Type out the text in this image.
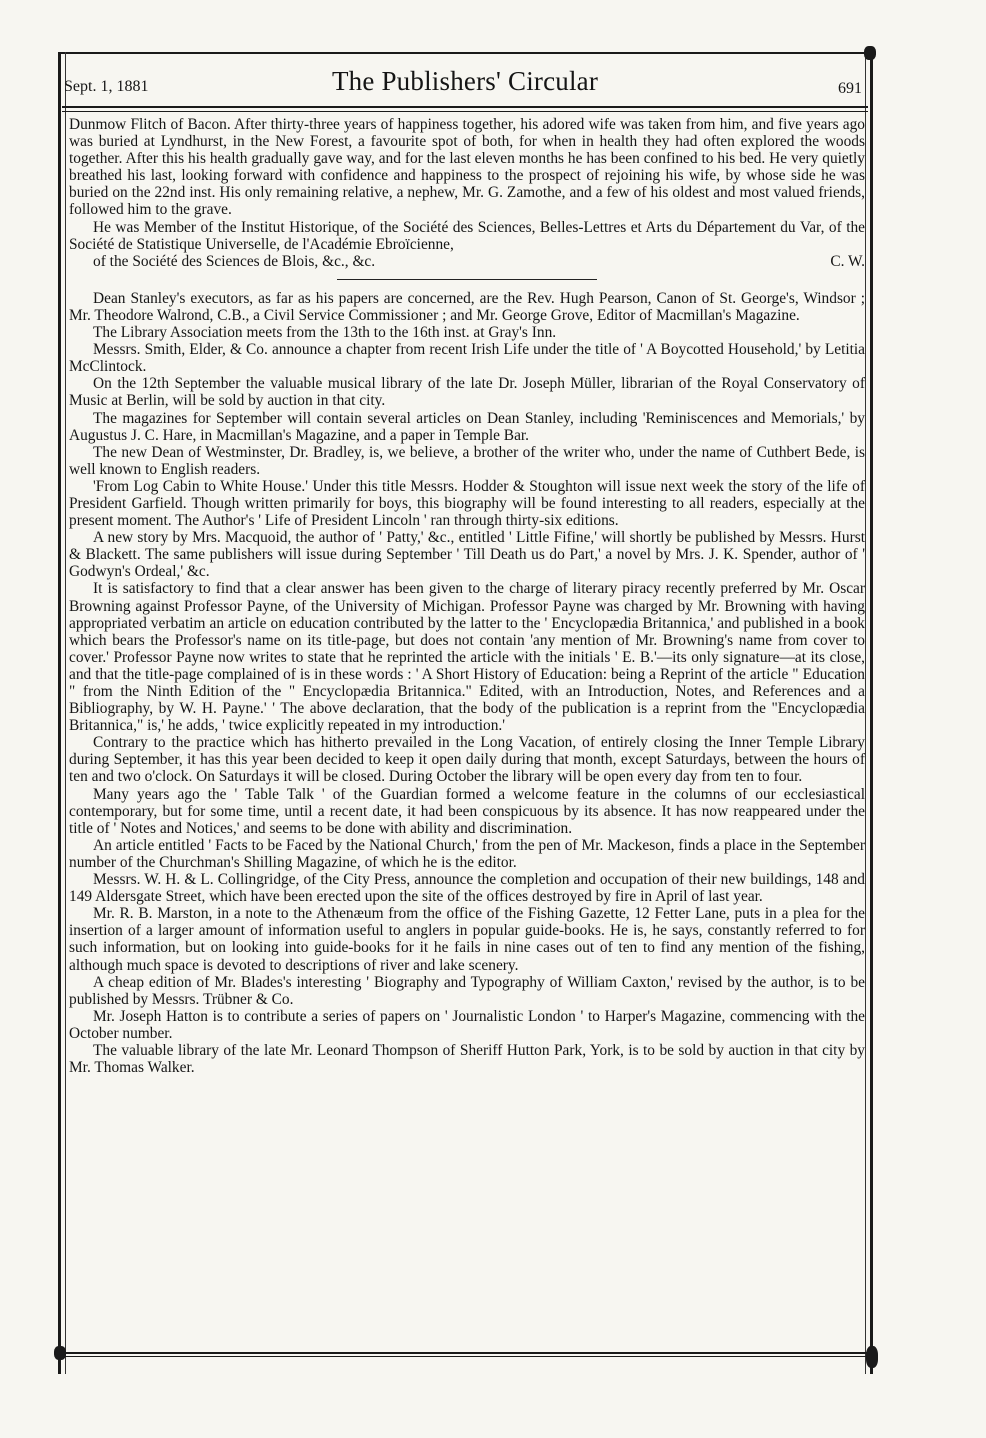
Sept. 1, 1881	The Publishers' Circular	691

Dunmow Flitch of Bacon. After thirty-three years of happiness together, his adored wife was taken from him, and five years ago was buried at Lyndhurst, in the New Forest, a favourite spot of both, for when in health they had often explored the woods together. After this his health gradually gave way, and for the last eleven months he has been confined to his bed. He very quietly breathed his last, looking forward with confidence and happiness to the prospect of rejoining his wife, by whose side he was buried on the 22nd inst. His only remaining relative, a nephew, Mr. G. Zamothe, and a few of his oldest and most valued friends, followed him to the grave.

He was Member of the Institut Historique, of the Société des Sciences, Belles-Lettres et Arts du Département du Var, of the Société de Statistique Universelle, de l'Académie Ebroïcienne,

of the Société des Sciences de Blois, &c., &c.	C. W.

Dean Stanley's executors, as far as his papers are concerned, are the Rev. Hugh Pearson, Canon of St. George's, Windsor ; Mr. Theodore Walrond, C.B., a Civil Service Commissioner ; and Mr. George Grove, Editor of Macmillan's Magazine.

The Library Association meets from the 13th to the 16th inst. at Gray's Inn.

Messrs. Smith, Elder, & Co. announce a chapter from recent Irish Life under the title of ' A Boycotted Household,' by Letitia McClintock.

On the 12th September the valuable musical library of the late Dr. Joseph Müller, librarian of the Royal Conservatory of Music at Berlin, will be sold by auction in that city.

The magazines for September will contain several articles on Dean Stanley, including 'Reminiscences and Memorials,' by Augustus J. C. Hare, in Macmillan's Magazine, and a paper in Temple Bar.

The new Dean of Westminster, Dr. Bradley, is, we believe, a brother of the writer who, under the name of Cuthbert Bede, is well known to English readers.

'From Log Cabin to White House.' Under this title Messrs. Hodder & Stoughton will issue next week the story of the life of President Garfield. Though written primarily for boys, this biography will be found interesting to all readers, especially at the present moment. The Author's ' Life of President Lincoln ' ran through thirty-six editions.

A new story by Mrs. Macquoid, the author of ' Patty,' &c., entitled ' Little Fifine,' will shortly be published by Messrs. Hurst & Blackett. The same publishers will issue during September ' Till Death us do Part,' a novel by Mrs. J. K. Spender, author of ' Godwyn's Ordeal,' &c.

It is satisfactory to find that a clear answer has been given to the charge of literary piracy recently preferred by Mr. Oscar Browning against Professor Payne, of the University of Michigan. Professor Payne was charged by Mr. Browning with having appropriated verbatim an article on education contributed by the latter to the ' Encyclopædia Britannica,' and published in a book which bears the Professor's name on its title-page, but does not contain 'any mention of Mr. Browning's name from cover to cover.' Professor Payne now writes to state that he reprinted the article with the initials ' E. B.'—its only signature—at its close, and that the title-page complained of is in these words : ' A Short History of Education: being a Reprint of the article " Education " from the Ninth Edition of the " Encyclopædia Britannica." Edited, with an Introduction, Notes, and References and a Bibliography, by W. H. Payne.' ' The above declaration, that the body of the publication is a reprint from the "Encyclopædia Britannica," is,' he adds, ' twice explicitly repeated in my introduction.'

Contrary to the practice which has hitherto prevailed in the Long Vacation, of entirely closing the Inner Temple Library during September, it has this year been decided to keep it open daily during that month, except Saturdays, between the hours of ten and two o'clock. On Saturdays it will be closed. During October the library will be open every day from ten to four.

Many years ago the ' Table Talk ' of the Guardian formed a welcome feature in the columns of our ecclesiastical contemporary, but for some time, until a recent date, it had been conspicuous by its absence. It has now reappeared under the title of ' Notes and Notices,' and seems to be done with ability and discrimination.

An article entitled ' Facts to be Faced by the National Church,' from the pen of Mr. Mackeson, finds a place in the September number of the Churchman's Shilling Magazine, of which he is the editor.

Messrs. W. H. & L. Collingridge, of the City Press, announce the completion and occupation of their new buildings, 148 and 149 Aldersgate Street, which have been erected upon the site of the offices destroyed by fire in April of last year.

Mr. R. B. Marston, in a note to the Athenæum from the office of the Fishing Gazette, 12 Fetter Lane, puts in a plea for the insertion of a larger amount of information useful to anglers in popular guide-books. He is, he says, constantly referred to for such information, but on looking into guide-books for it he fails in nine cases out of ten to find any mention of the fishing, although much space is devoted to descriptions of river and lake scenery.

A cheap edition of Mr. Blades's interesting ' Biography and Typography of William Caxton,' revised by the author, is to be published by Messrs. Trübner & Co.

Mr. Joseph Hatton is to contribute a series of papers on ' Journalistic London ' to Harper's Magazine, commencing with the October number.

The valuable library of the late Mr. Leonard Thompson of Sheriff Hutton Park, York, is to be sold by auction in that city by Mr. Thomas Walker.
